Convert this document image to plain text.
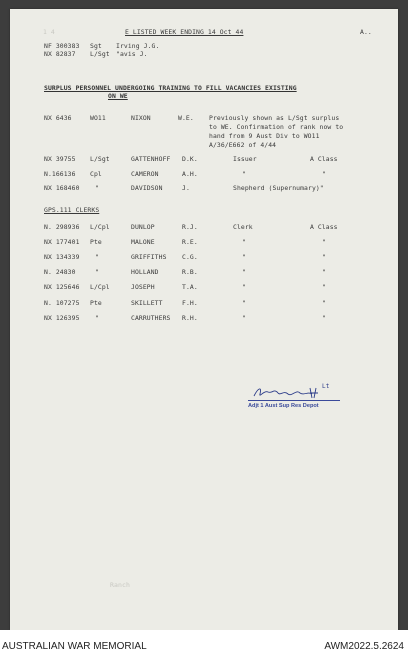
1 4	E LISTED WEEK ENDING 14 Oct 44	A..
NF 300383 Sgt Irving J.G.
NX 82837 L/Sgt "avis J.
SURPLUS PERSONNEL UNDERGOING TRAINING TO FILL VACANCIES EXISTING
ON WE
NX 6436	WO11	NIXON	W.E. Previously shown as L/Sgt surplus
to WE. Confirmation of rank now to
hand from 9 Aust Div to WO11
A/36/E662 of 4/44
NX 39755 L/Sgt	GATTENHOFF D.K.	Issuer	A Class
N.166136 Cpl	CAMERON	A.H.	"	"
NX 168460 "	DAVIDSON	J.	Shepherd (Supernumary)"
GPS.111 CLERKS
N. 298936 L/Cpl	DUNLOP	R.J.	Clerk	A Class
NX 177401 Pte	MALONE	R.E.	"	"
NX 134339 "	GRIFFITHS C.G.	"	"
N. 24830	"	HOLLAND	R.B.	"	"
NX 125646 L/Cpl	JOSEPH	T.A.	"	"
N. 107275 Pte	SKILLETT	F.H.	"	"
NX 126395 "	CARRUTHERS R.H.	"	"
Lt
Adjt 1 Aust Sup Res Depot
Ranch
AUSTRALIAN WAR MEMORIAL	AWM2022.5.2624
